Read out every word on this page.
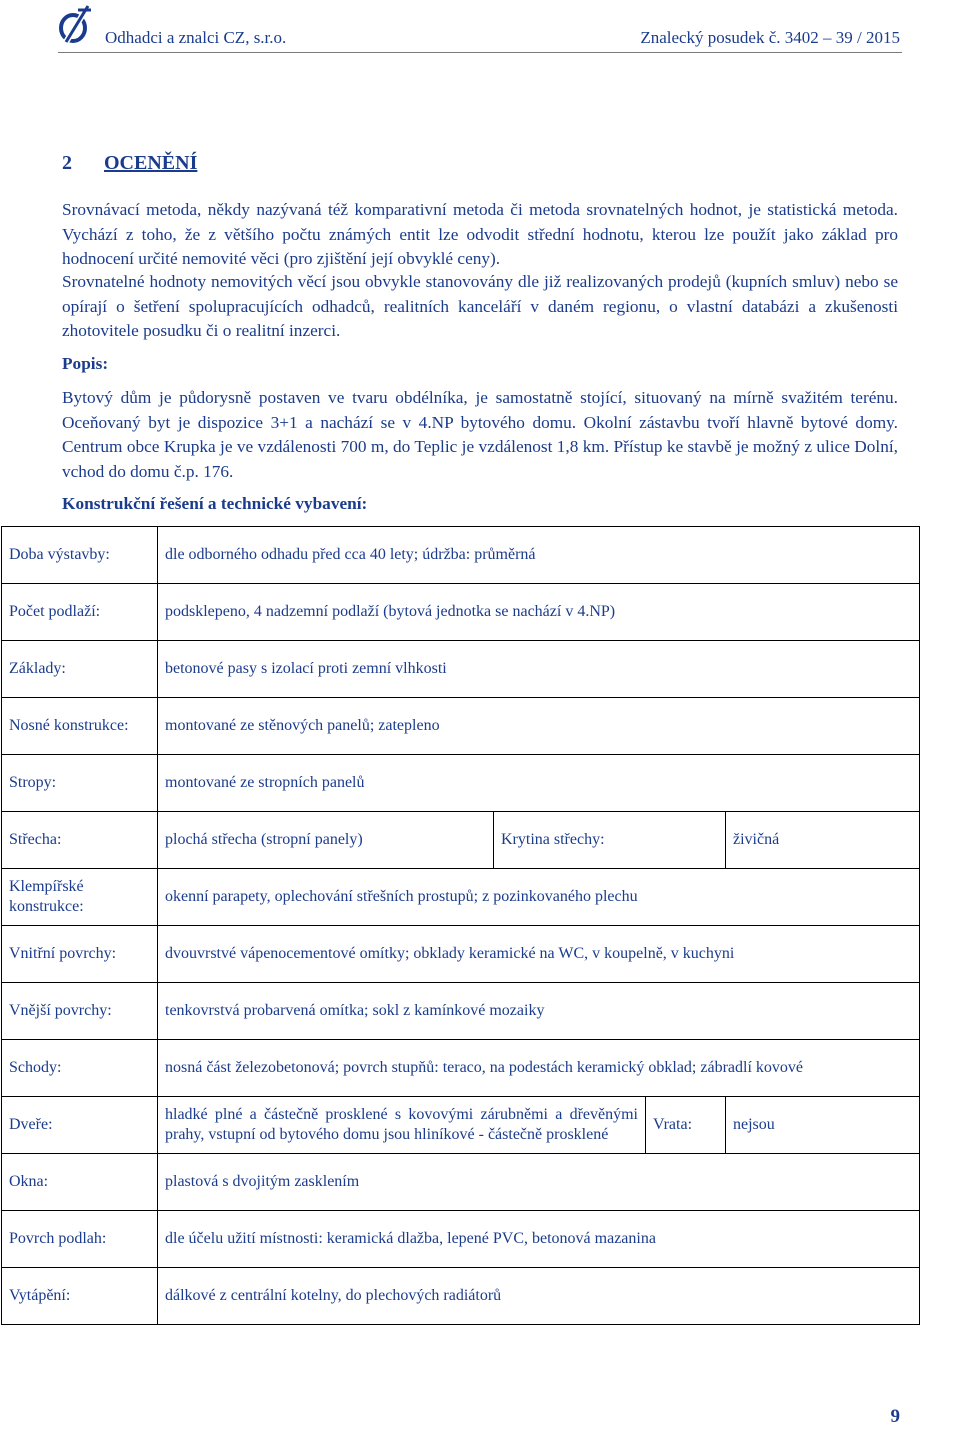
Odhadci a znalci CZ, s.r.o.	Znalecký posudek č. 3402 – 39 / 2015
2 OCENĚNÍ
Srovnávací metoda, někdy nazývaná též komparativní metoda či metoda srovnatelných hodnot, je statistická metoda. Vychází z toho, že z většího počtu známých entit lze odvodit střední hodnotu, kterou lze použít jako základ pro hodnocení určité nemovité věci (pro zjištění její obvyklé ceny).
Srovnatelné hodnoty nemovitých věcí jsou obvykle stanovovány dle již realizovaných prodejů (kupních smluv) nebo se opírají o šetření spolupracujících odhadců, realitních kanceláří v daném regionu, o vlastní databázi a zkušenosti zhotovitele posudku či o realitní inzerci.
Popis:
Bytový dům je půdorysně postaven ve tvaru obdélníka, je samostatně stojící, situovaný na mírně svažitém terénu. Oceňovaný byt je dispozice 3+1 a nachází se v 4.NP bytového domu. Okolní zástavbu tvoří hlavně bytové domy. Centrum obce Krupka je ve vzdálenosti 700 m, do Teplic je vzdálenost 1,8 km. Přístup ke stavbě je možný z ulice Dolní, vchod do domu č.p. 176.
Konstrukční řešení a technické vybavení:
Doba výstavby:	dle odborného odhadu před cca 40 lety; údržba: průměrná			
Počet podlaží:	podsklepeno, 4 nadzemní podlaží (bytová jednotka se nachází v 4.NP)			
Základy:	betonové pasy s izolací proti zemní vlhkosti			
Nosné konstrukce:	montované ze stěnových panelů; zatepleno			
Stropy:	montované ze stropních panelů			
Střecha:	plochá střecha (stropní panely)	Krytina střechy:		živičná
Klempířské konstrukce:	okenní parapety, oplechování střešních prostupů; z pozinkovaného plechu			
Vnitřní povrchy:	dvouvrstvé vápenocementové omítky; obklady keramické na WC, v koupelně, v kuchyni			
Vnější povrchy:	tenkovrstvá probarvená omítka; sokl z kamínkové mozaiky			
Schody:	nosná část železobetonová; povrch stupňů: teraco, na podestách keramický obklad; zábradlí kovové			
Dveře:	hladké plné a částečně prosklené s kovovými zárubněmi a dřevěnými prahy, vstupní od bytového domu jsou hliníkové - částečně prosklené		Vrata:	nejsou
Okna:	plastová s dvojitým zasklením			
Povrch podlah:	dle účelu užití místnosti: keramická dlažba, lepené PVC, betonová mazanina			
Vytápění:	dálkové z centrální kotelny, do plechových radiátorů			
9
